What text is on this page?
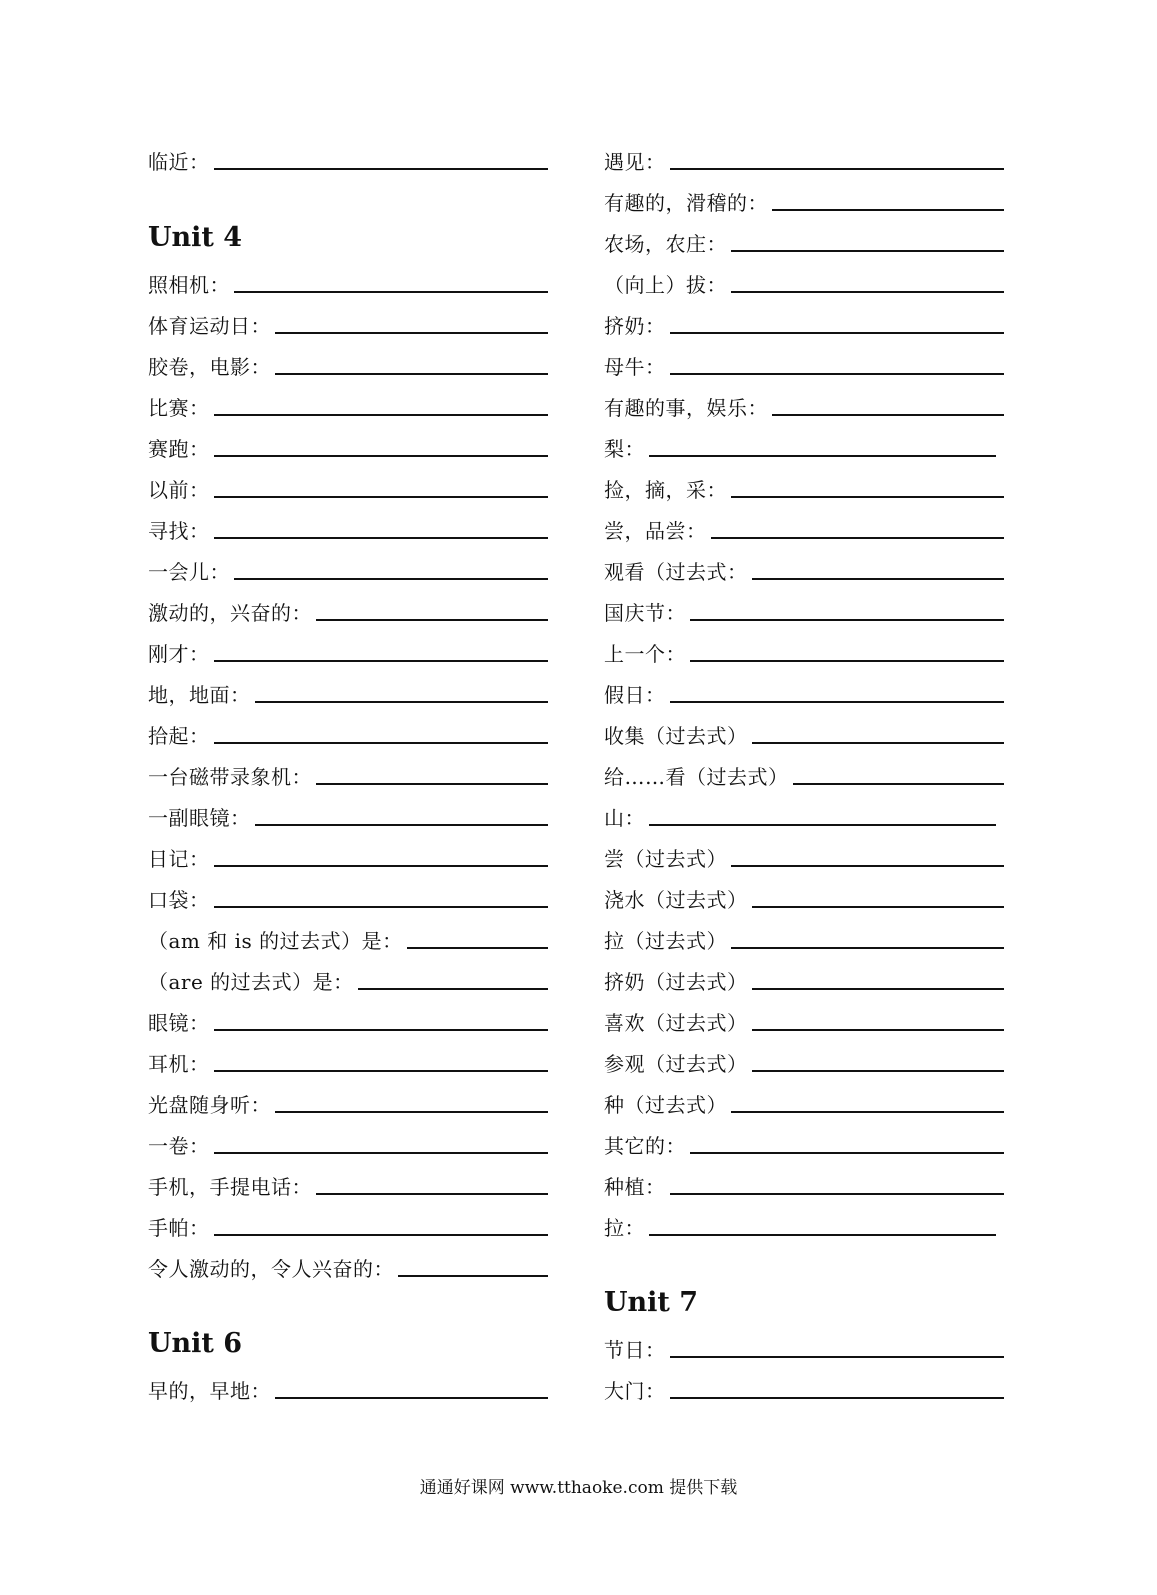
临近：
Unit 4
照相机：
体育运动日：
胶卷，电影：
比赛：
赛跑：
以前：
寻找：
一会儿：
激动的，兴奋的：
刚才：
地，地面：
拾起：
一台磁带录象机：
一副眼镜：
日记：
口袋：
（am 和 is 的过去式）是：
（are 的过去式）是：
眼镜：
耳机：
光盘随身听：
一卷：
手机，手提电话：
手帕：
令人激动的，令人兴奋的：
Unit 6
早的，早地：
遇见：
有趣的，滑稽的：
农场，农庄：
（向上）拔：
挤奶：
母牛：
有趣的事，娱乐：
梨：
捡，摘，采：
尝，品尝：
观看（过去式：
国庆节：
上一个：
假日：
收集（过去式）
给……看（过去式）
山：
尝（过去式）
浇水（过去式）
拉（过去式）
挤奶（过去式）
喜欢（过去式）
参观（过去式）
种（过去式）
其它的：
种植：
拉：
Unit 7
节日：
大门：
通通好课网 www.tthaoke.com 提供下载
